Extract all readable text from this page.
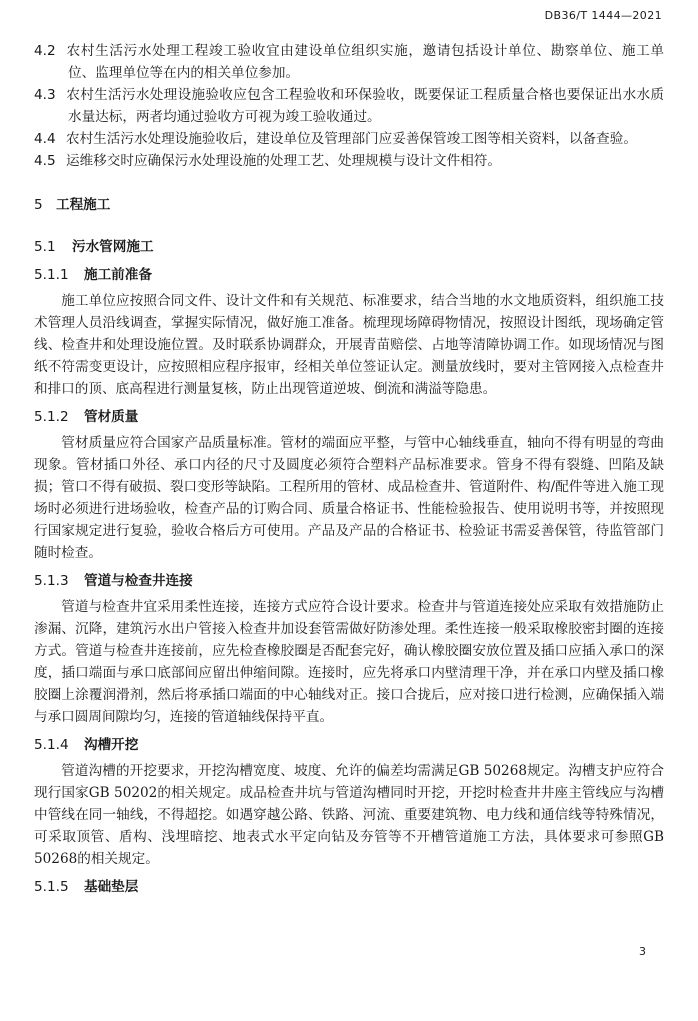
DB36/T 1444—2021

4.2 农村生活污水处理工程竣工验收宜由建设单位组织实施，邀请包括设计单位、勘察单位、施工单位、监理单位等在内的相关单位参加。

4.3 农村生活污水处理设施验收应包含工程验收和环保验收，既要保证工程质量合格也要保证出水水质水量达标，两者均通过验收方可视为竣工验收通过。

4.4 农村生活污水处理设施验收后，建设单位及管理部门应妥善保管竣工图等相关资料，以备查验。

4.5 运维移交时应确保污水处理设施的处理工艺、处理规模与设计文件相符。

5 工程施工
5.1 污水管网施工
5.1.1 施工前准备

施工单位应按照合同文件、设计文件和有关规范、标准要求，结合当地的水文地质资料，组织施工技术管理人员沿线调查，掌握实际情况，做好施工准备。梳理现场障碍物情况，按照设计图纸，现场确定管线、检查井和处理设施位置。及时联系协调群众，开展青苗赔偿、占地等清障协调工作。如现场情况与图纸不符需变更设计，应按照相应程序报审，经相关单位签证认定。测量放线时，要对主管网接入点检查井和排口的顶、底高程进行测量复核，防止出现管道逆坡、倒流和满溢等隐患。

5.1.2 管材质量

管材质量应符合国家产品质量标准。管材的端面应平整，与管中心轴线垂直，轴向不得有明显的弯曲现象。管材插口外径、承口内径的尺寸及圆度必须符合塑料产品标准要求。管身不得有裂缝、凹陷及缺损；管口不得有破损、裂口变形等缺陷。工程所用的管材、成品检查井、管道附件、构/配件等进入施工现场时必须进行进场验收，检查产品的订购合同、质量合格证书、性能检验报告、使用说明书等，并按照现行国家规定进行复验，验收合格后方可使用。产品及产品的合格证书、检验证书需妥善保管，待监管部门随时检查。

5.1.3 管道与检查井连接

管道与检查井宜采用柔性连接，连接方式应符合设计要求。检查井与管道连接处应采取有效措施防止渗漏、沉降，建筑污水出户管接入检查井加设套管需做好防渗处理。柔性连接一般采取橡胶密封圈的连接方式。管道与检查井连接前，应先检查橡胶圈是否配套完好，确认橡胶圈安放位置及插口应插入承口的深度，插口端面与承口底部间应留出伸缩间隙。连接时，应先将承口内壁清理干净，并在承口内壁及插口橡胶圈上涂覆润滑剂，然后将承插口端面的中心轴线对正。接口合拢后，应对接口进行检测，应确保插入端与承口圆周间隙均匀，连接的管道轴线保持平直。

5.1.4 沟槽开挖

管道沟槽的开挖要求，开挖沟槽宽度、坡度、允许的偏差均需满足GB 50268规定。沟槽支护应符合现行国家GB 50202的相关规定。成品检查井坑与管道沟槽同时开挖，开挖时检查井井座主管线应与沟槽中管线在同一轴线，不得超挖。如遇穿越公路、铁路、河流、重要建筑物、电力线和通信线等特殊情况，可采取顶管、盾构、浅埋暗挖、地表式水平定向钻及夯管等不开槽管道施工方法，具体要求可参照GB 50268的相关规定。

5.1.5 基础垫层
3
